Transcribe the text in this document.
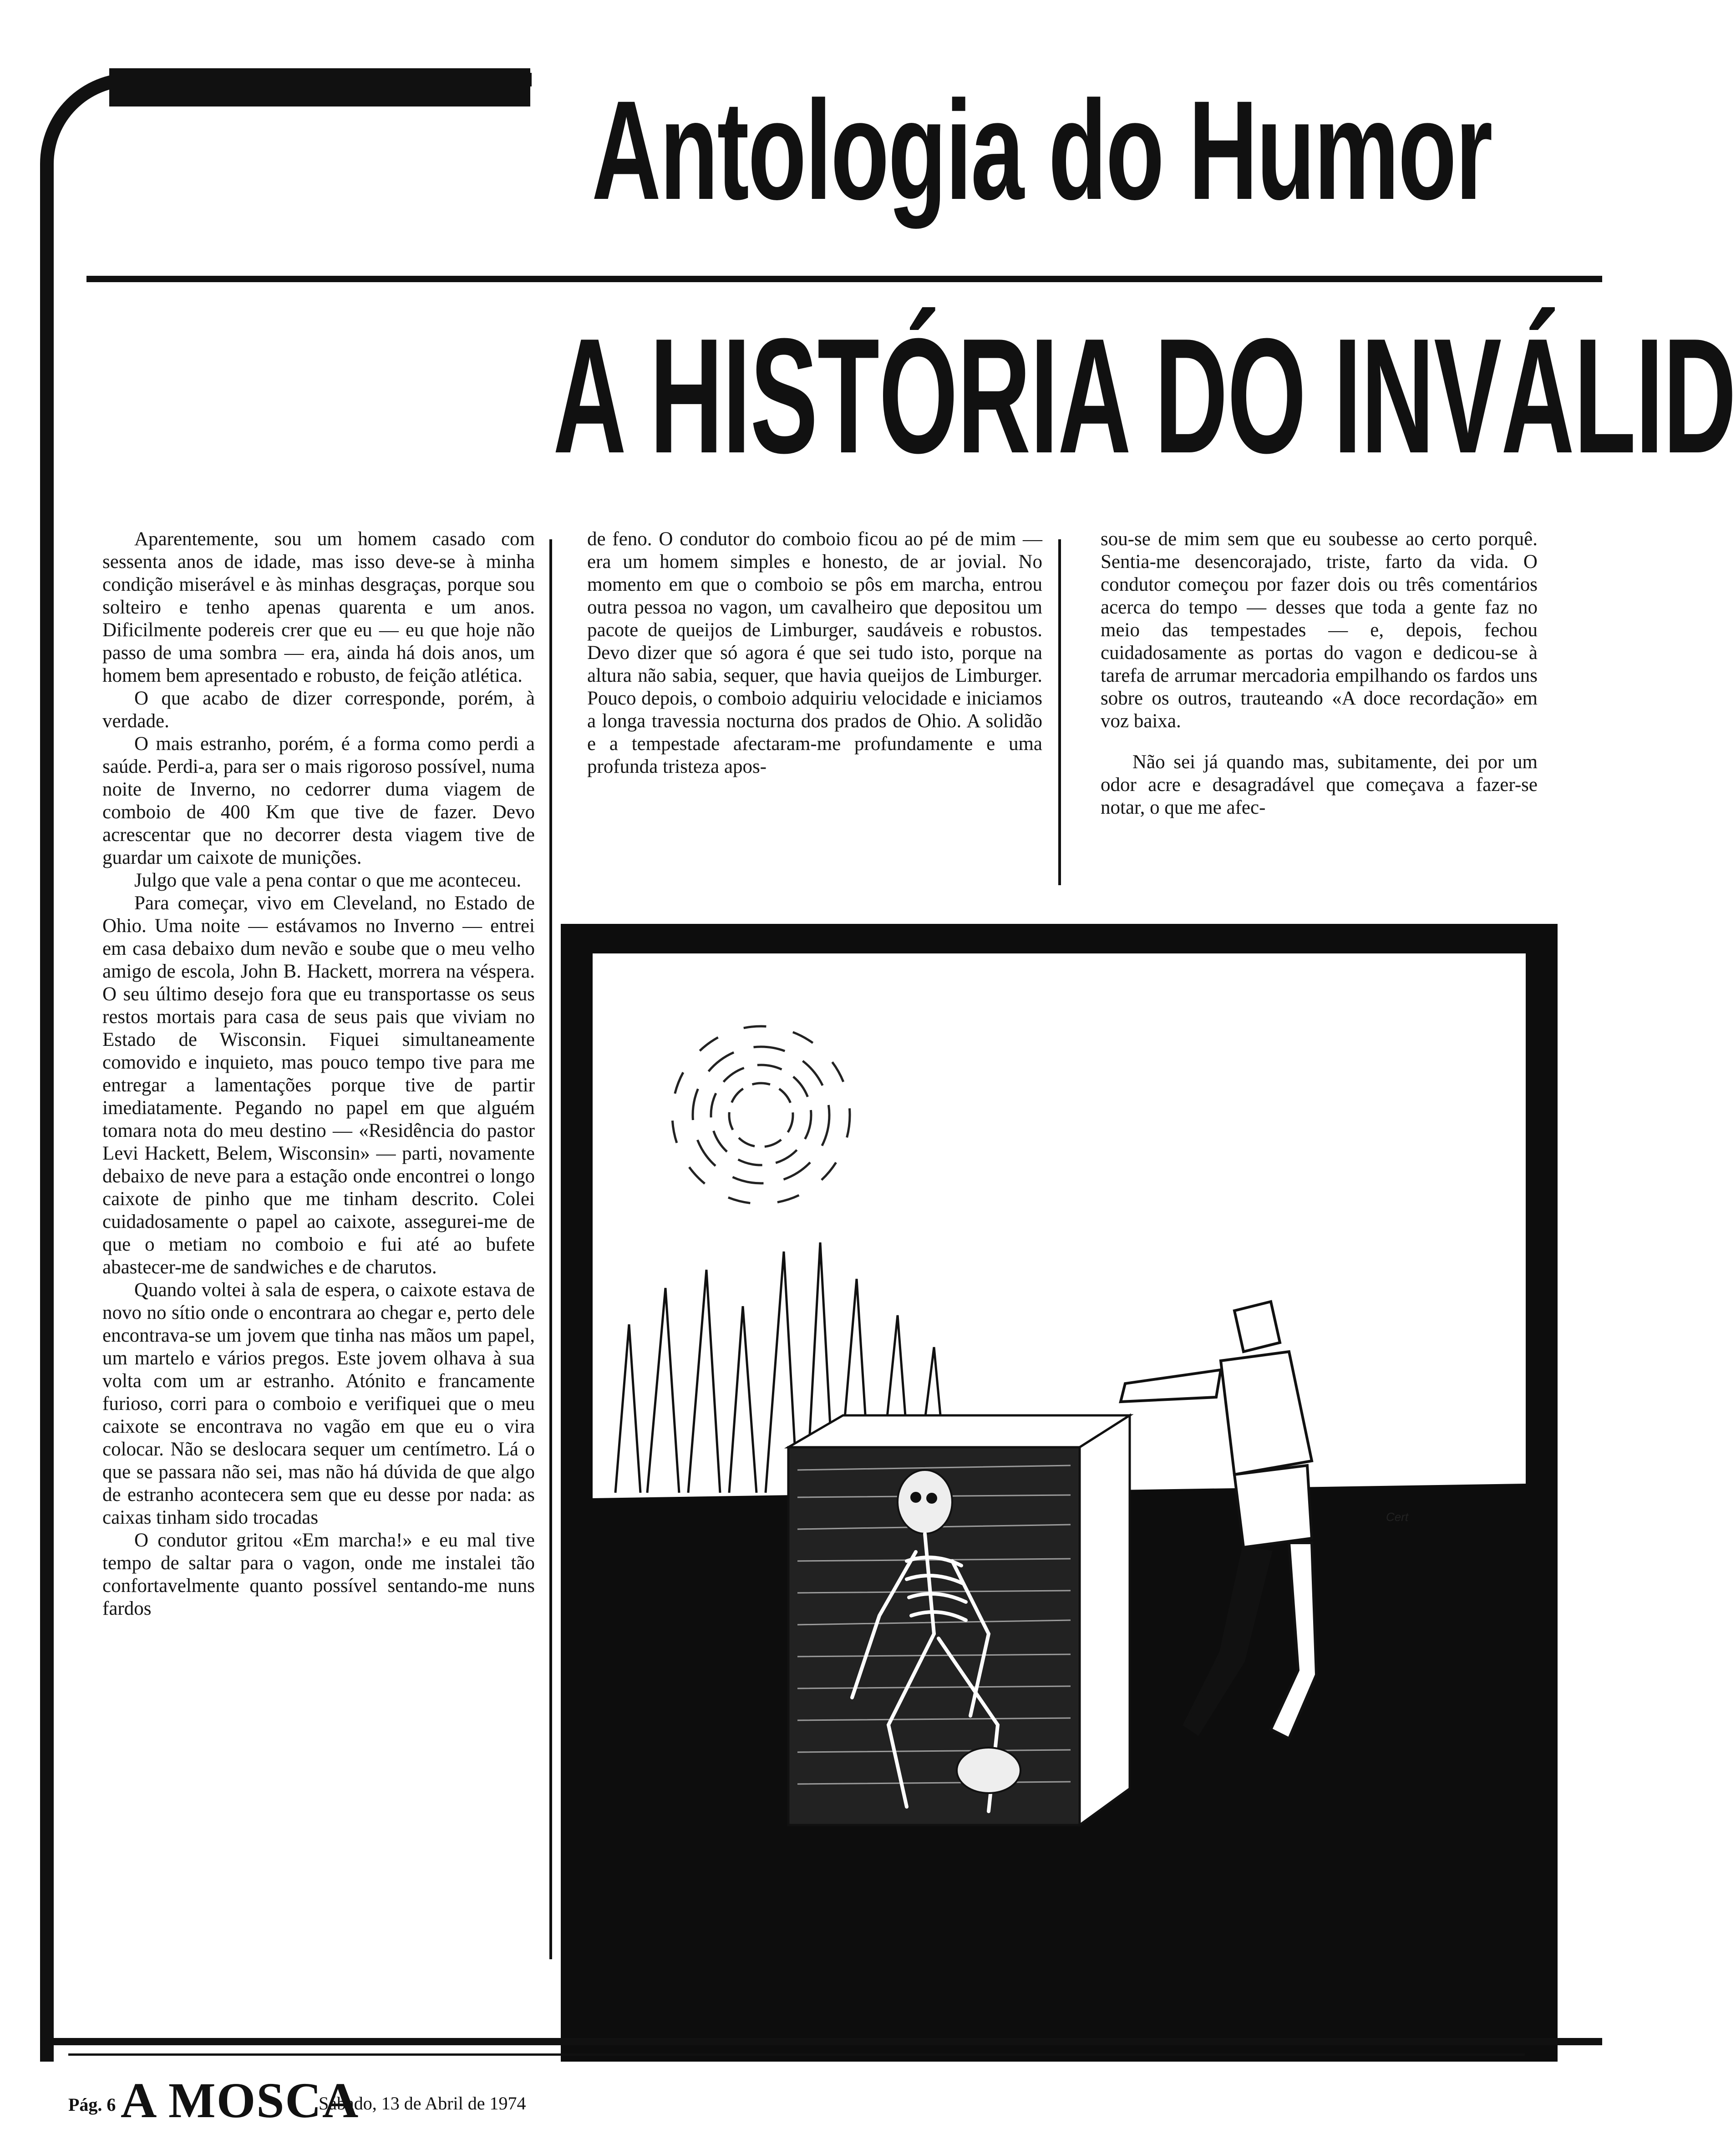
Antologia do Humor
A HISTÓRIA DO INVÁLID

Aparentemente, sou um homem casado com sessenta anos de idade, mas isso deve-se à minha condição miserável e às minhas desgraças, porque sou solteiro e tenho apenas quarenta e um anos. Dificilmente podereis crer que eu — eu que hoje não passo de uma sombra — era, ainda há dois anos, um homem bem apresentado e robusto, de feição atlética.

O que acabo de dizer corresponde, porém, à verdade.

O mais estranho, porém, é a forma como perdi a saúde. Perdi-a, para ser o mais rigoroso possível, numa noite de Inverno, no cedorrer duma viagem de comboio de 400 Km que tive de fazer. Devo acrescentar que no decorrer desta viagem tive de guardar um caixote de munições.

Julgo que vale a pena contar o que me aconteceu.

Para começar, vivo em Cleveland, no Estado de Ohio. Uma noite — estávamos no Inverno — entrei em casa debaixo dum nevão e soube que o meu velho amigo de escola, John B. Hackett, morrera na véspera. O seu último desejo fora que eu transportasse os seus restos mortais para casa de seus pais que viviam no Estado de Wisconsin. Fiquei simultaneamente comovido e inquieto, mas pouco tempo tive para me entregar a lamentações porque tive de partir imediatamente. Pegando no papel em que alguém tomara nota do meu destino — «Residência do pastor Levi Hackett, Belem, Wisconsin» — parti, novamente debaixo de neve para a estação onde encontrei o longo caixote de pinho que me tinham descrito. Colei cuidadosamente o papel ao caixote, assegurei-me de que o metiam no comboio e fui até ao bufete abastecer-me de sandwiches e de charutos.

Quando voltei à sala de espera, o caixote estava de novo no sítio onde o encontrara ao chegar e, perto dele encontrava-se um jovem que tinha nas mãos um papel, um martelo e vários pregos. Este jovem olhava à sua volta com um ar estranho. Atónito e francamente furioso, corri para o comboio e verifiquei que o meu caixote se encontrava no vagão em que eu o vira colocar. Não se deslocara sequer um centímetro. Lá o que se passara não sei, mas não há dúvida de que algo de estranho acontecera sem que eu desse por nada: as caixas tinham sido trocadas

O condutor gritou «Em marcha!» e eu mal tive tempo de saltar para o vagon, onde me instalei tão confortavelmente quanto possível sentando-me nuns fardos

de feno. O condutor do comboio ficou ao pé de mim — era um homem simples e honesto, de ar jovial. No momento em que o comboio se pôs em marcha, entrou outra pessoa no vagon, um cavalheiro que depositou um pacote de queijos de Limburger, saudáveis e robustos. Devo dizer que só agora é que sei tudo isto, porque na altura não sabia, sequer, que havia queijos de Limburger. Pouco depois, o comboio adquiriu velocidade e iniciamos a longa travessia nocturna dos prados de Ohio. A solidão e a tempestade afectaram-me profundamente e uma profunda tristeza apos-

sou-se de mim sem que eu soubesse ao certo porquê. Sentia-me desencorajado, triste, farto da vida. O condutor começou por fazer dois ou três comentários acerca do tempo — desses que toda a gente faz no meio das tempestades — e, depois, fechou cuidadosamente as portas do vagon e dedicou-se à tarefa de arrumar mercadoria empilhando os fardos uns sobre os outros, trauteando «A doce recordação» em voz baixa.

Não sei já quando mas, subitamente, dei por um odor acre e desagradável que começava a fazer-se notar, o que me afec-

Cert
Pág. 6 A MOSCA
Sábado, 13 de Abril de 1974
